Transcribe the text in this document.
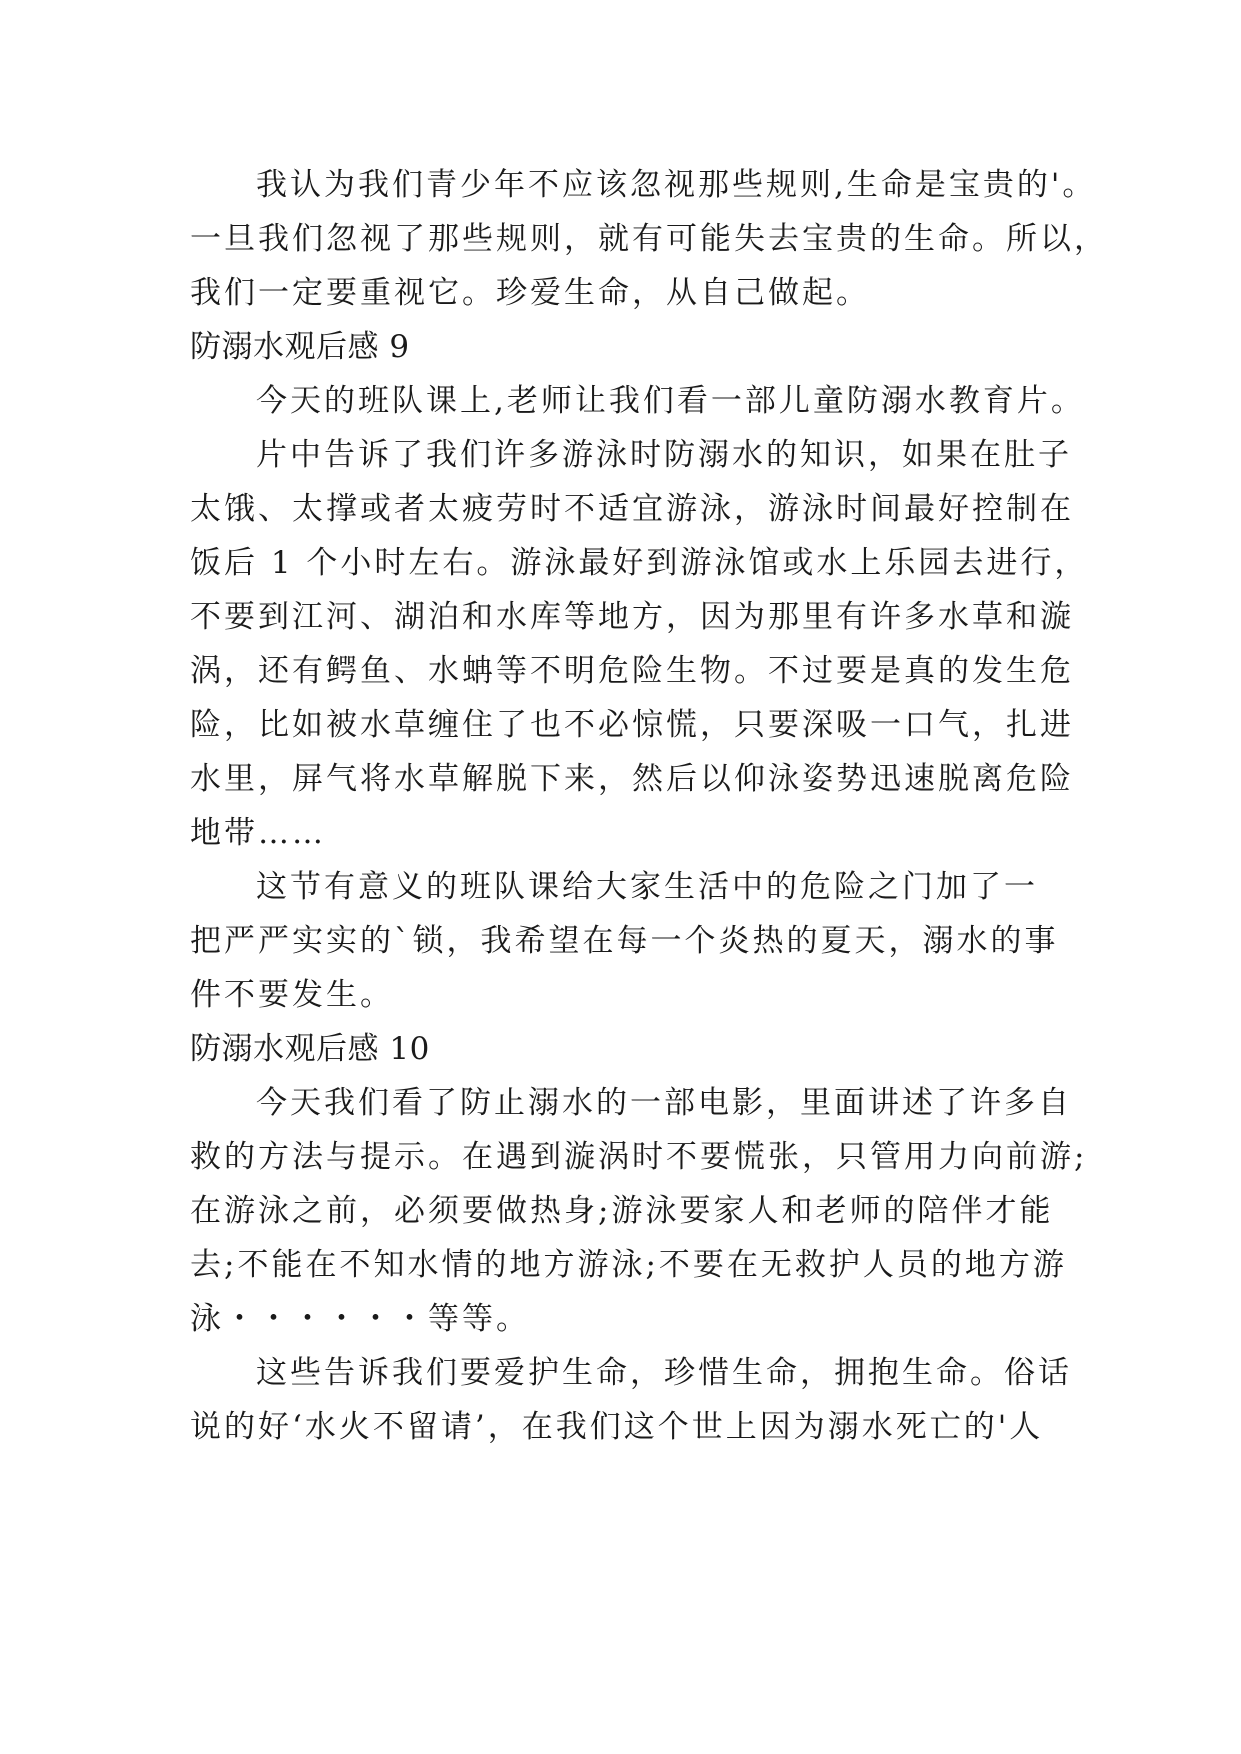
我认为我们青少年不应该忽视那些规则,生命是宝贵的'。
一旦我们忽视了那些规则，就有可能失去宝贵的生命。所以，
我们一定要重视它。珍爱生命，从自己做起。
防溺水观后感 9
今天的班队课上,老师让我们看一部儿童防溺水教育片。
片中告诉了我们许多游泳时防溺水的知识，如果在肚子
太饿、太撑或者太疲劳时不适宜游泳，游泳时间最好控制在
饭后 1 个小时左右。游泳最好到游泳馆或水上乐园去进行，
不要到江河、湖泊和水库等地方，因为那里有许多水草和漩
涡，还有鳄鱼、水蚺等不明危险生物。不过要是真的发生危
险，比如被水草缠住了也不必惊慌，只要深吸一口气，扎进
水里，屏气将水草解脱下来，然后以仰泳姿势迅速脱离危险
地带……
这节有意义的班队课给大家生活中的危险之门加了一
把严严实实的`锁，我希望在每一个炎热的夏天，溺水的事
件不要发生。
防溺水观后感 10
今天我们看了防止溺水的一部电影，里面讲述了许多自
救的方法与提示。在遇到漩涡时不要慌张，只管用力向前游;
在游泳之前，必须要做热身;游泳要家人和老师的陪伴才能
去;不能在不知水情的地方游泳;不要在无救护人员的地方游
泳・・・・・・等等。
这些告诉我们要爱护生命，珍惜生命，拥抱生命。俗话
说的好‘水火不留请’，在我们这个世上因为溺水死亡的'人
